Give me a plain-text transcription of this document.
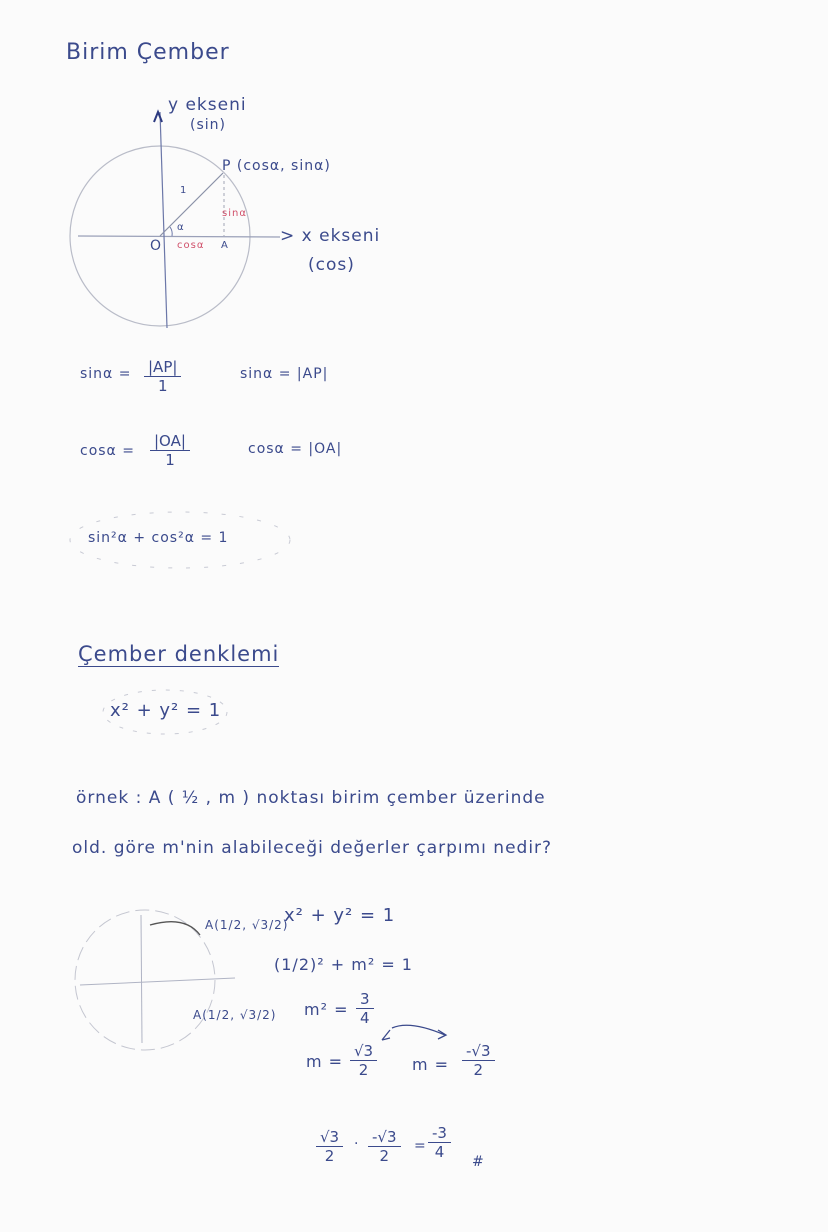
Birim Çember
y ekseni
(sin)
P (cosα, sinα)
1
α
sinα
O cosα A	> x ekseni
(cos)
$\sin\alpha = \frac{|AP|}{1}$	sinα = |AP|
$\cos\alpha = \frac{|OA|}{1}$	cosα = |OA|
sin²α + cos²α = 1
Çember denklemi
x² + y² = 1
örnek : A ( ½ , m ) noktası birim çember üzerinde
old. göre m'nin alabileceği değerler çarpımı nedir?
A(1/2, √3/2)
A(1/2, √3/2)
x² + y² = 1
(1/2)² + m² = 1
$m^2 = \frac{3}{4}$
$m = \frac{√3}{2}$ $m = \frac{-√3}{2}$
$\frac{√3}{2} \cdot \frac{-√3}{2} = \frac{-3}{4}$
#
